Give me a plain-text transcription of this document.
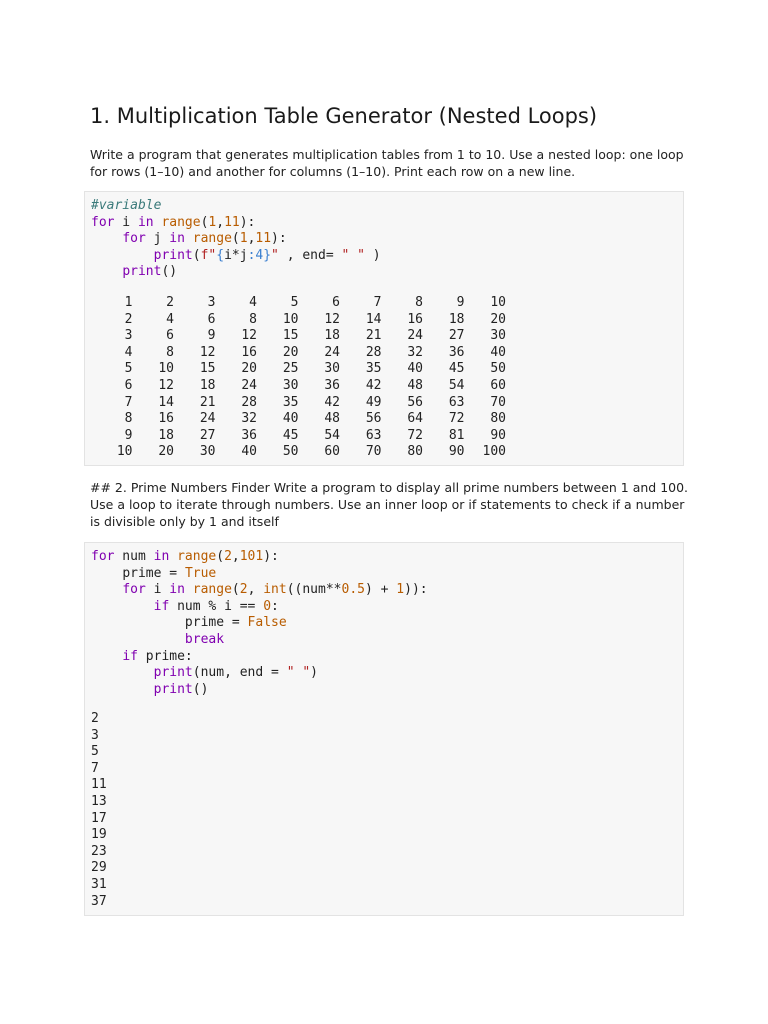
1. Multiplication Table Generator (Nested Loops)

Write a program that generates multiplication tables from 1 to 10. Use a nested loop: one loop for rows (1–10) and another for columns (1–10). Print each row on a new line.

#variable
for i in range(1,11):
for j in range(1,11):
print(f"{i*j:4}" , end= " " )
print()
1	2	3	4	5	6	7	8	9	10
2	4	6	8	10	12	14	16	18	20
3	6	9	12	15	18	21	24	27	30
4	8	12	16	20	24	28	32	36	40
5	10	15	20	25	30	35	40	45	50
6	12	18	24	30	36	42	48	54	60
7	14	21	28	35	42	49	56	63	70
8	16	24	32	40	48	56	64	72	80
9	18	27	36	45	54	63	72	81	90
10	20	30	40	50	60	70	80	90	100

## 2. Prime Numbers Finder Write a program to display all prime numbers between 1 and 100. Use a loop to iterate through numbers. Use an inner loop or if statements to check if a number is divisible only by 1 and itself

for num in range(2,101):
prime = True
for i in range(2, int((num**0.5) + 1)):
if num % i == 0:
prime = False
break
if prime:
print(num, end = " ")
print()
2
3
5
7
11
13
17
19
23
29
31
37
